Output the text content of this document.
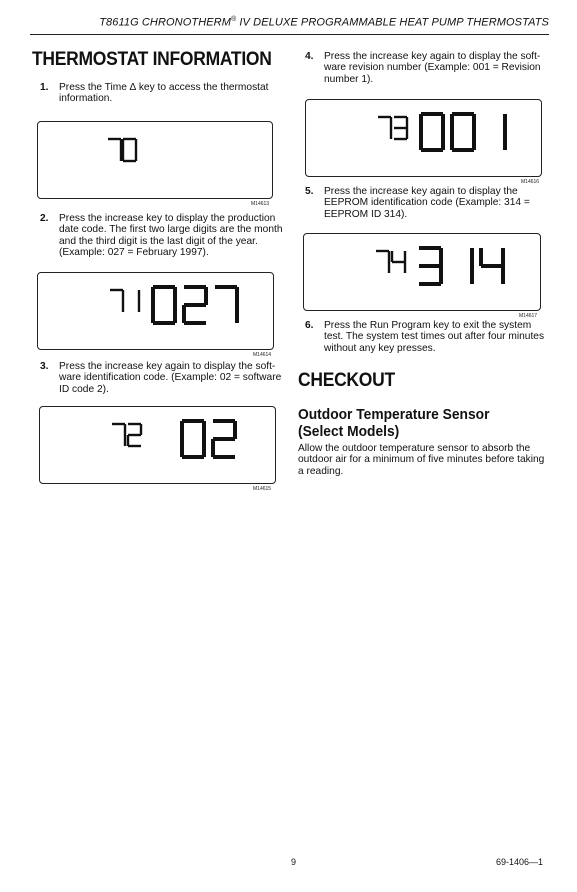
T8611G CHRONOTHERM® IV DELUXE PROGRAMMABLE HEAT PUMP THERMOSTATS
THERMOSTAT INFORMATION
1. Press the Time ∆ key to access the thermostat information.
M14613
2. Press the increase key to display the production date code. The first two large digits are the month and the third digit is the last digit of the year. (Example: 027 = February 1997).
M14614
3. Press the increase key again to display the soft-ware identification code. (Example: 02 = software ID code 2).
M14615
4. Press the increase key again to display the soft-ware revision number (Example: 001 = Revision number 1).
M14616
5. Press the increase key again to display the EEPROM identification code (Example: 314 = EEPROM ID 314).
M14617
6. Press the Run Program key to exit the system test. The system test times out after four minutes without any key presses.
CHECKOUT
Outdoor Temperature Sensor
(Select Models)
Allow the outdoor temperature sensor to absorb the outdoor air for a minimum of five minutes before taking a reading.
9	69-1406—1
